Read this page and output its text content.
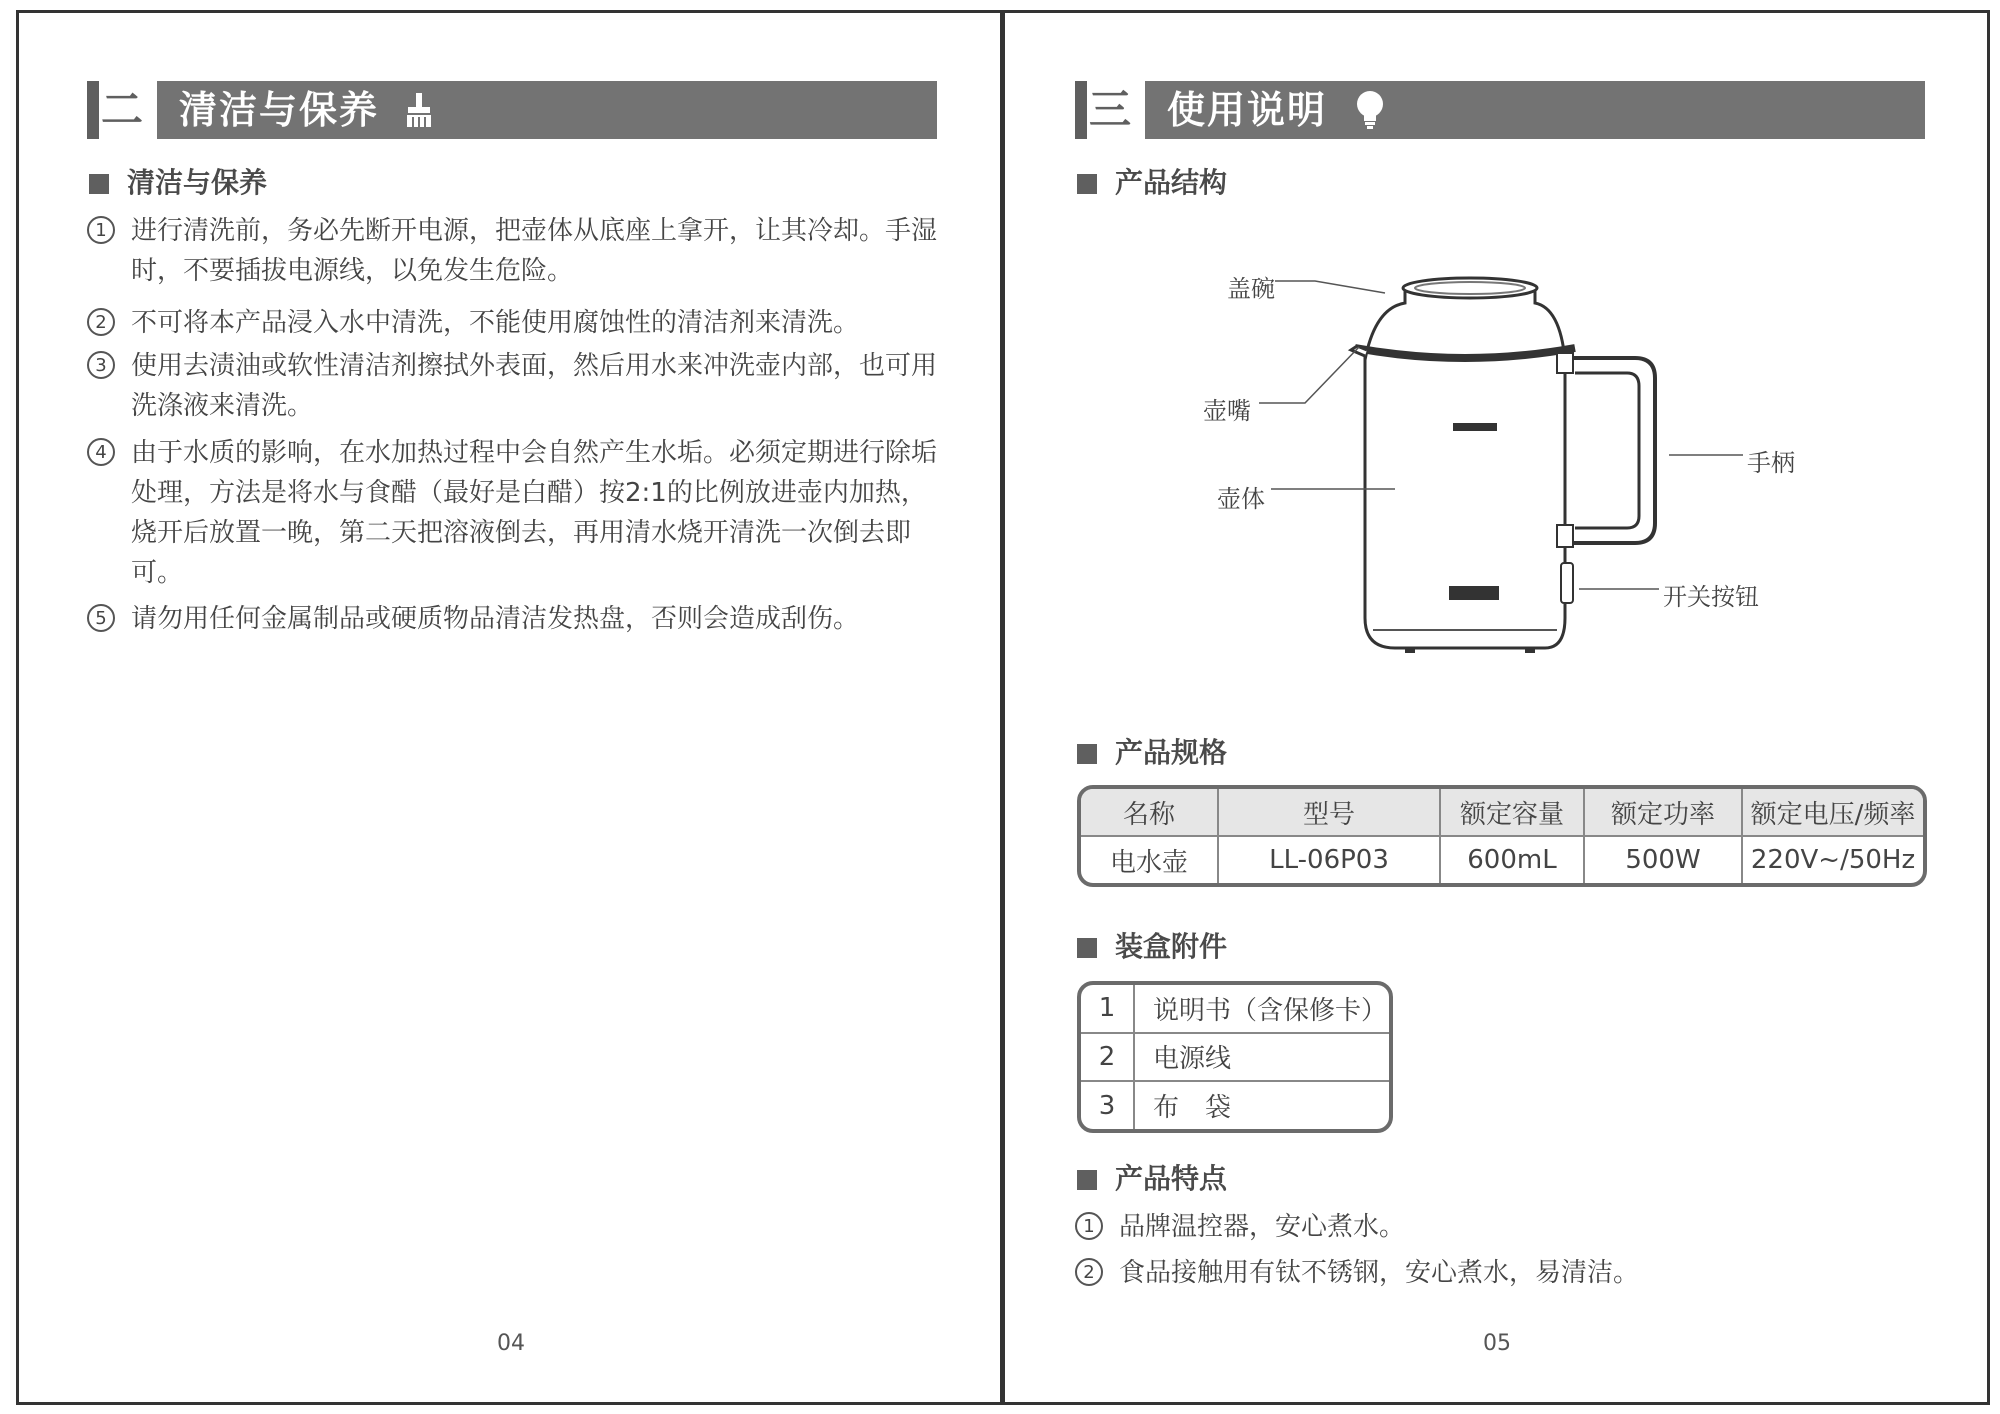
二 清洁与保养
清洁与保养
1 进行清洗前，务必先断开电源，把壶体从底座上拿开，让其冷却。手湿时，不要插拔电源线，以免发生危险。
2 不可将本产品浸入水中清洗，不能使用腐蚀性的清洁剂来清洗。
3 使用去渍油或软性清洁剂擦拭外表面，然后用水来冲洗壶内部，也可用洗涤液来清洗。
4 由于水质的影响，在水加热过程中会自然产生水垢。必须定期进行除垢处理，方法是将水与食醋（最好是白醋）按2:1的比例放进壶内加热，烧开后放置一晚，第二天把溶液倒去，再用清水烧开清洗一次倒去即可。
5 请勿用任何金属制品或硬质物品清洁发热盘，否则会造成刮伤。
04
三 使用说明
产品结构
盖碗
壶嘴
壶体
手柄
开关按钮
产品规格
名称	型号	额定容量	额定功率	额定电压/频率
电水壶	LL-06P03	600mL	500W	220V~/50Hz
装盒附件
1	说明书（含保修卡）
2	电源线
3	布　袋
产品特点
1 品牌温控器，安心煮水。
2 食品接触用有钛不锈钢，安心煮水，易清洁。
05
